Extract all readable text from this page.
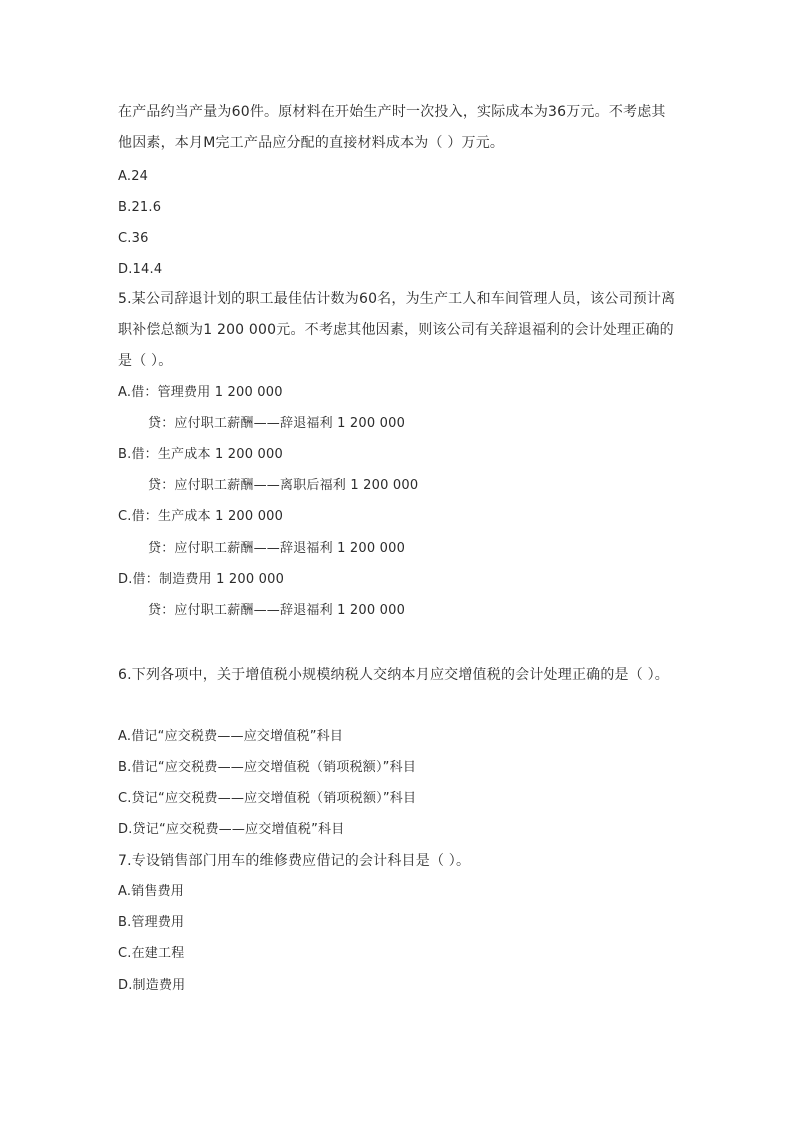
在产品约当产量为60件。原材料在开始生产时一次投入，实际成本为36万元。不考虑其
他因素，本月M完工产品应分配的直接材料成本为（ ）万元。
A.24
B.21.6
C.36
D.14.4
5.某公司辞退计划的职工最佳估计数为60名，为生产工人和车间管理人员，该公司预计离
职补偿总额为1 200 000元。不考虑其他因素，则该公司有关辞退福利的会计处理正确的
是（ ）。
A.借：管理费用 1 200 000
贷：应付职工薪酬——辞退福利 1 200 000
B.借：生产成本 1 200 000
贷：应付职工薪酬——离职后福利 1 200 000
C.借：生产成本 1 200 000
贷：应付职工薪酬——辞退福利 1 200 000
D.借：制造费用 1 200 000
贷：应付职工薪酬——辞退福利 1 200 000
6.下列各项中，关于增值税小规模纳税人交纳本月应交增值税的会计处理正确的是（ ）。
A.借记“应交税费——应交增值税”科目
B.借记“应交税费——应交增值税（销项税额）”科目
C.贷记“应交税费——应交增值税（销项税额）”科目
D.贷记“应交税费——应交增值税”科目
7.专设销售部门用车的维修费应借记的会计科目是（ ）。
A.销售费用
B.管理费用
C.在建工程
D.制造费用
